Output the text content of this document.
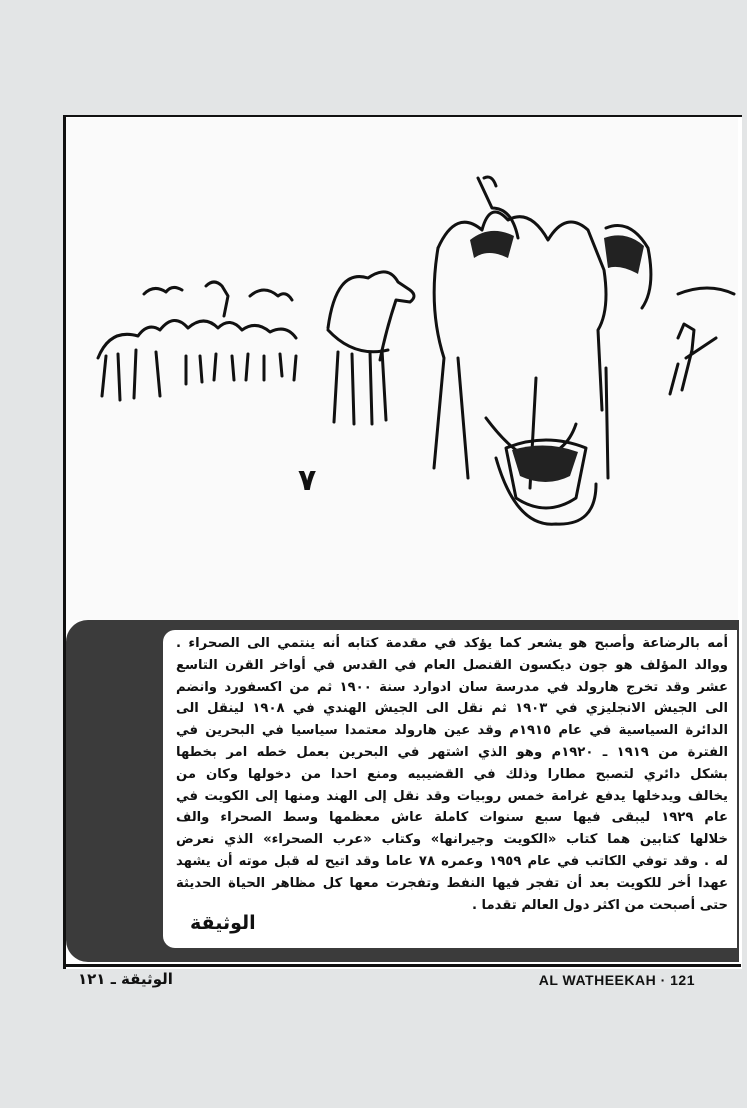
٧

أمه بالرضاعة وأصبح هو يشعر كما يؤكد في مقدمة كتابه أنه ينتمي الى الصحراء .
ووالد المؤلف هو جون ديكسون القنصل العام في القدس في أواخر القرن التاسع
عشر وقد تخرج هارولد في مدرسة سان ادوارد سنة ١٩٠٠ ثم من اكسفورد وانضم
الى الجيش الانجليزي في ١٩٠٣ ثم نقل الى الجيش الهندي في ١٩٠٨ لينقل الى
الدائرة السياسية في عام ١٩١٥م وقد عين هارولد معتمدا سياسيا في البحرين في
الفترة من ١٩١٩ ـ ١٩٢٠م وهو الذي اشتهر في البحرين بعمل خطه امر بخطها
بشكل دائري لتصبح مطارا وذلك في القضيبيه ومنع احدا من دخولها وكان من
يخالف ويدخلها يدفع غرامة خمس روبيات وقد نقل إلى الهند ومنها إلى الكويت في
عام ١٩٢٩ ليبقى فيها سبع سنوات كاملة عاش معظمها وسط الصحراء والف
خلالها كتابين هما كتاب «الكويت وجيرانها» وكتاب «عرب الصحراء» الذي نعرض
له . وقد توفي الكاتب في عام ١٩٥٩ وعمره ٧٨ عاما وقد اتيح له قبل موته أن يشهد
عهدا أخر للكويت بعد أن تفجر فيها النفط وتفجرت معها كل مظاهر الحياة الحديثة
حتى أصبحت من اكثر دول العالم تقدما .

الوثيقة
الوثيقة ـ ١٢١	AL WATHEEKAH · 121
